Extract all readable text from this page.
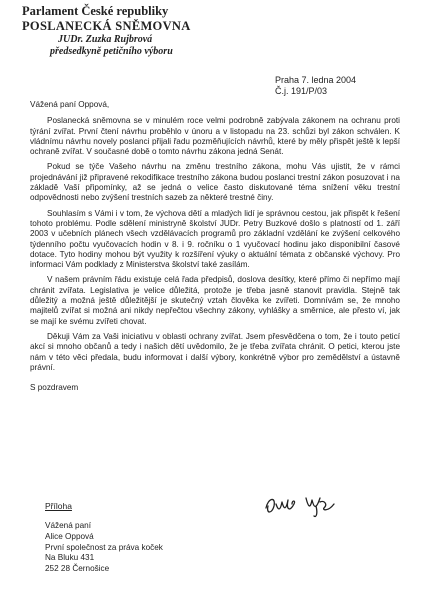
Parlament České republiky
POSLANECKÁ SNĚMOVNA
JUDr. Zuzka Rujbrová
předsedkyně petičního výboru
Praha 7. ledna 2004
Č.j. 191/P/03
Vážená paní Oppová,

Poslanecká sněmovna se v minulém roce velmi podrobně zabývala zákonem na ochranu proti týrání zvířat. První čtení návrhu proběhlo v únoru a v listopadu na 23. schůzi byl zákon schválen. K vládnímu návrhu novely poslanci přijali řadu pozměňujících návrhů, které by měly přispět ještě k lepší ochraně zvířat. V současné době o tomto návrhu zákona jedná Senát.

Pokud se týče Vašeho návrhu na změnu trestního zákona, mohu Vás ujistit, že v rámci projednávání již připravené rekodifikace trestního zákona budou poslanci trestní zákon posuzovat i na základě Vaší připomínky, až se jedná o velice často diskutované téma snížení věku trestní odpovědnosti nebo zvýšení trestních sazeb za některé trestné činy.

Souhlasím s Vámi i v tom, že výchova dětí a mladých lidí je správnou cestou, jak přispět k řešení tohoto problému. Podle sdělení ministryně školství JUDr. Petry Buzkové došlo s platností od 1. září 2003 v učebních plánech všech vzdělávacích programů pro základní vzdělání ke zvýšení celkového týdenního počtu vyučovacích hodin v 8. i 9. ročníku o 1 vyučovací hodinu jako disponibilní časové dotace. Tyto hodiny mohou být využity k rozšíření výuky o aktuální témata z občanské výchovy. Pro informaci Vám podklady z Ministerstva školství také zasílám.

V našem právním řádu existuje celá řada předpisů, doslova desítky, které přímo či nepřímo mají chránit zvířata. Legislativa je velice důležitá, protože je třeba jasně stanovit pravidla. Stejně tak důležitý a možná ještě důležitější je skutečný vztah člověka ke zvířeti. Domnívám se, že mnoho majitelů zvířat si možná ani nikdy nepřečtou všechny zákony, vyhlášky a směrnice, ale přesto ví, jak se mají ke svému zvířeti chovat.

Děkuji Vám za Vaši iniciativu v oblasti ochrany zvířat. Jsem přesvědčena o tom, že i touto peticí akcí si mnoho občanů a tedy i našich dětí uvědomilo, že je třeba zvířata chránit. O petici, kterou jste nám v této věci předala, budu informovat i další výbory, konkrétně výbor pro zemědělství a ústavně právní.

S pozdravem
Příloha
Vážená paní
Alice Oppová
První společnost za práva koček
Na Bluku 431
252 28 Černošice
